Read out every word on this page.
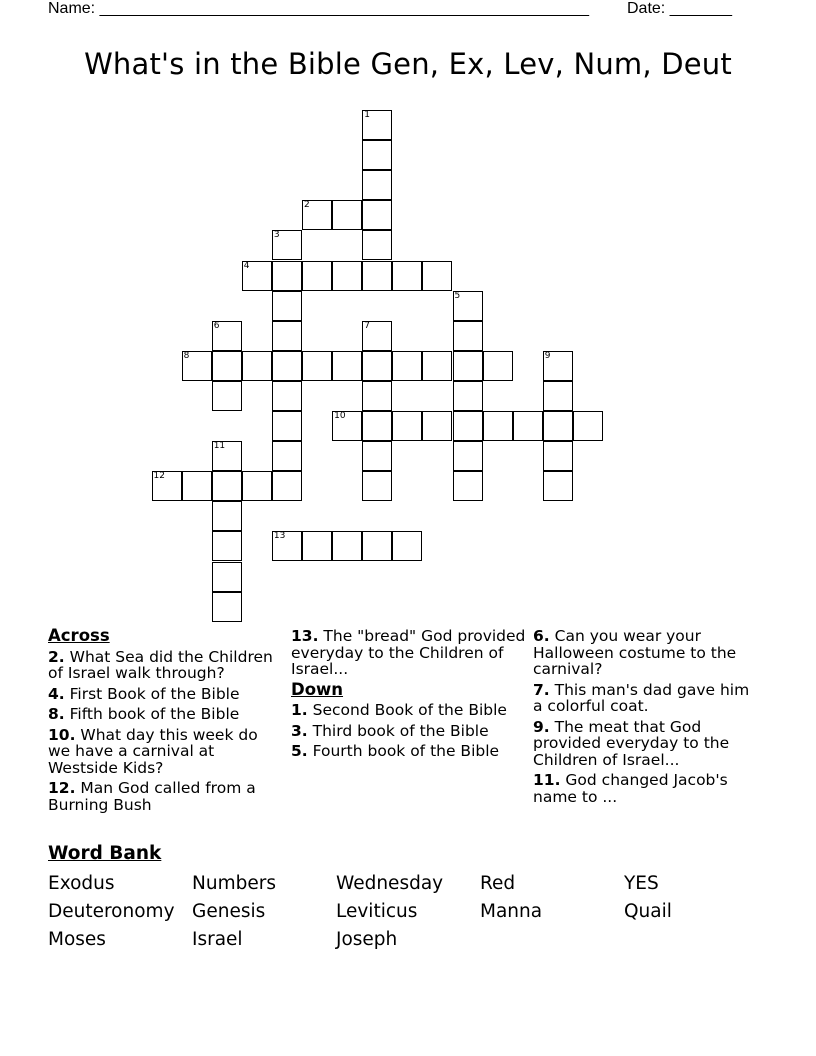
Name: _______________________________________________________ Date: _______
What's in the Bible Gen, Ex, Lev, Num, Deut
1
2
3
4
5
6	7
8	9
10
11
12
13
Across
2. What Sea did the Children of Israel walk through?
4. First Book of the Bible
8. Fifth book of the Bible
10. What day this week do we have a carnival at Westside Kids?
12. Man God called from a Burning Bush
13. The "bread" God provided everyday to the Children of Israel...
Down
1. Second Book of the Bible
3. Third book of the Bible
5. Fourth book of the Bible
6. Can you wear your Halloween costume to the carnival?
7. This man's dad gave him a colorful coat.
9. The meat that God provided everyday to the Children of Israel...
11. God changed Jacob's name to ...
Word Bank
Exodus	Numbers	Wednesday Red	YES
Deuteronomy Genesis	Leviticus	Manna	Quail
Moses	Israel	Joseph
